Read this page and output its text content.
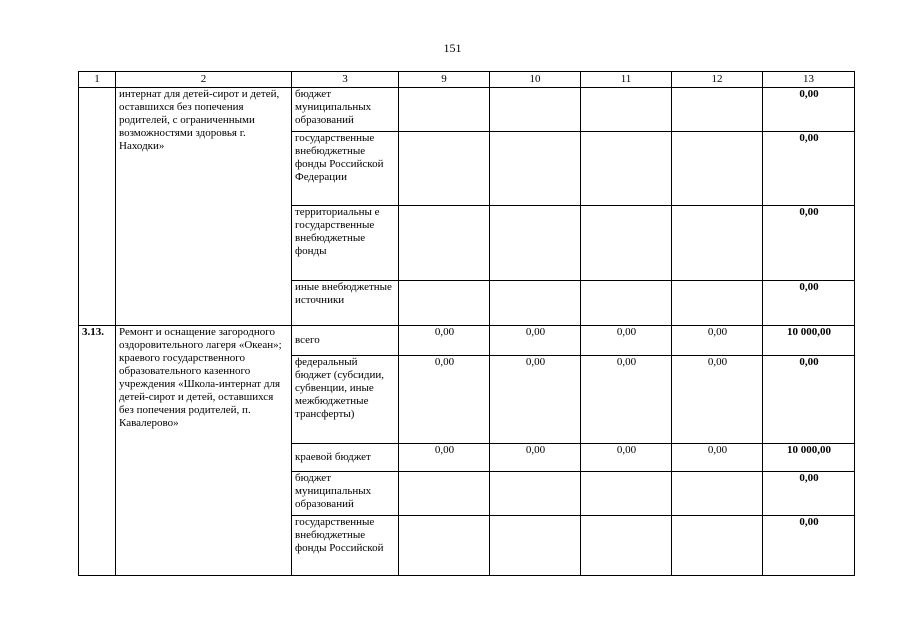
151
1	2	3	9	10	11	12	13
	интернат для детей-сирот и детей, оставшихся без попечения родителей, с ограниченными возможностями здоровья г. Находки»	бюджет муниципальных образований					0,00
		государственные внебюджетные фонды Российской Федерации					0,00
		территориальны е государственные внебюджетные фонды					0,00
		иные внебюджетные источники					0,00
3.13.	Ремонт и оснащение загородного оздоровительного лагеря «Океан»; краевого государственного образовательного казенного учреждения «Школа-интернат для детей-сирот и детей, оставшихся без попечения родителей, п. Кавалерово»	всего	0,00	0,00	0,00	0,00	10 000,00
		федеральный бюджет (субсидии, субвенции, иные межбюджетные трансферты)	0,00	0,00	0,00	0,00	0,00
		краевой бюджет	0,00	0,00	0,00	0,00	10 000,00
		бюджет муниципальных образований					0,00
		государственные внебюджетные фонды Российской					0,00
